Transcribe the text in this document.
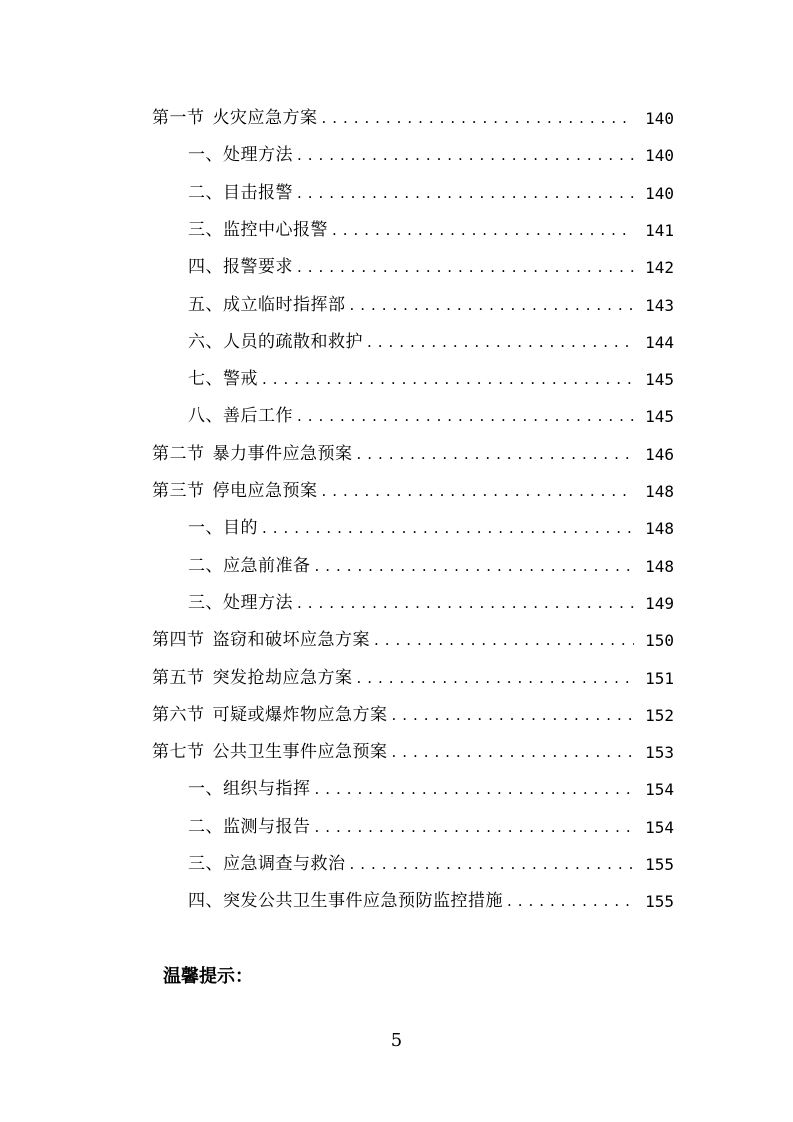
第一节 火灾应急方案 . . .	140
一、处理方法 . . .	140
二、目击报警 . . .	140
三、监控中心报警 . . .	141
四、报警要求 . . .	142
五、成立临时指挥部 . . .	143
六、人员的疏散和救护 . . .	144
七、警戒 . . .	145
八、善后工作 . . .	145
第二节 暴力事件应急预案 . . .	146
第三节 停电应急预案 . . .	148
一、目的 . . .	148
二、应急前准备 . . .	148
三、处理方法 . . .	149
第四节 盗窃和破坏应急方案 . . .	150
第五节 突发抢劫应急方案 . . .	151
第六节 可疑或爆炸物应急方案 . . .	152
第七节 公共卫生事件应急预案 . . .	153
一、组织与指挥 . . .	154
二、监测与报告 . . .	154
三、应急调查与救治 . . .	155
四、突发公共卫生事件应急预防监控措施 . . .	155
温馨提示：
5
